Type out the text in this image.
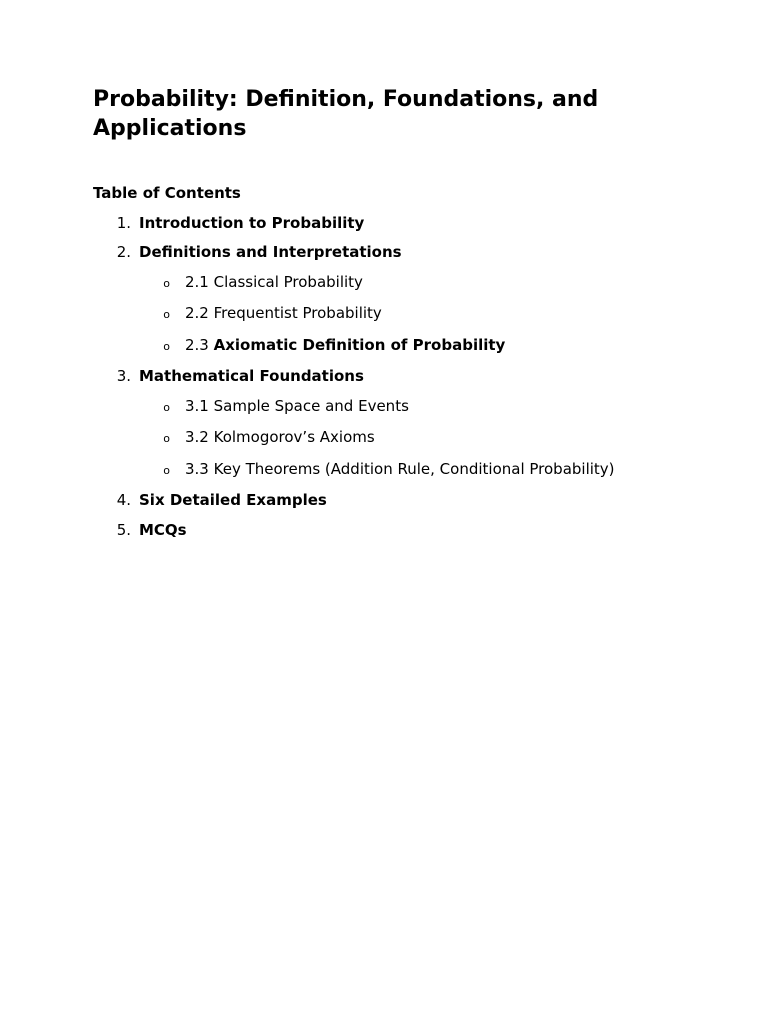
Probability: Definition, Foundations, and Applications
Table of Contents
1. Introduction to Probability
2. Definitions and Interpretations
o	2.1 Classical Probability
o	2.2 Frequentist Probability
o	2.3 Axiomatic Definition of Probability
3. Mathematical Foundations
o	3.1 Sample Space and Events
o	3.2 Kolmogorov’s Axioms
o	3.3 Key Theorems (Addition Rule, Conditional Probability)
4. Six Detailed Examples
5. MCQs
